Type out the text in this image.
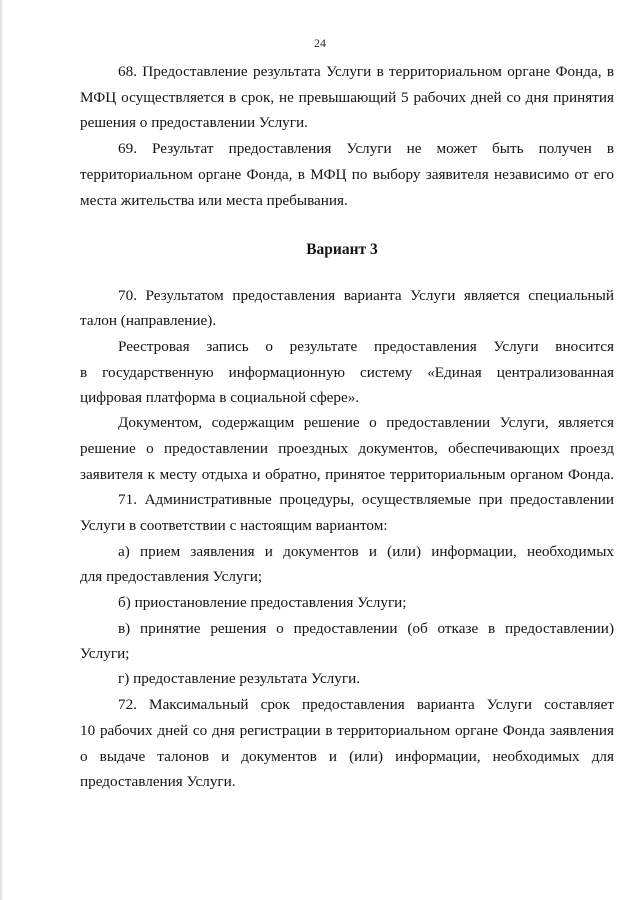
24
68. Предоставление результата Услуги в территориальном органе Фонда, в
МФЦ осуществляется в срок, не превышающий 5 рабочих дней со дня принятия
решения о предоставлении Услуги.
69. Результат предоставления Услуги не может быть получен в
территориальном органе Фонда, в МФЦ по выбору заявителя независимо от его
места жительства или места пребывания.
Вариант 3
70. Результатом предоставления варианта Услуги является специальный
талон (направление).
Реестровая запись о результате предоставления Услуги вносится
в государственную информационную систему «Единая централизованная
цифровая платформа в социальной сфере».
Документом, содержащим решение о предоставлении Услуги, является
решение о предоставлении проездных документов, обеспечивающих проезд
заявителя к месту отдыха и обратно, принятое территориальным органом Фонда.
71. Административные процедуры, осуществляемые при предоставлении
Услуги в соответствии с настоящим вариантом:
а) прием заявления и документов и (или) информации, необходимых
для предоставления Услуги;
б) приостановление предоставления Услуги;
в) принятие решения о предоставлении (об отказе в предоставлении)
Услуги;
г) предоставление результата Услуги.
72. Максимальный срок предоставления варианта Услуги составляет
10 рабочих дней со дня регистрации в территориальном органе Фонда заявления
о выдаче талонов и документов и (или) информации, необходимых для
предоставления Услуги.
